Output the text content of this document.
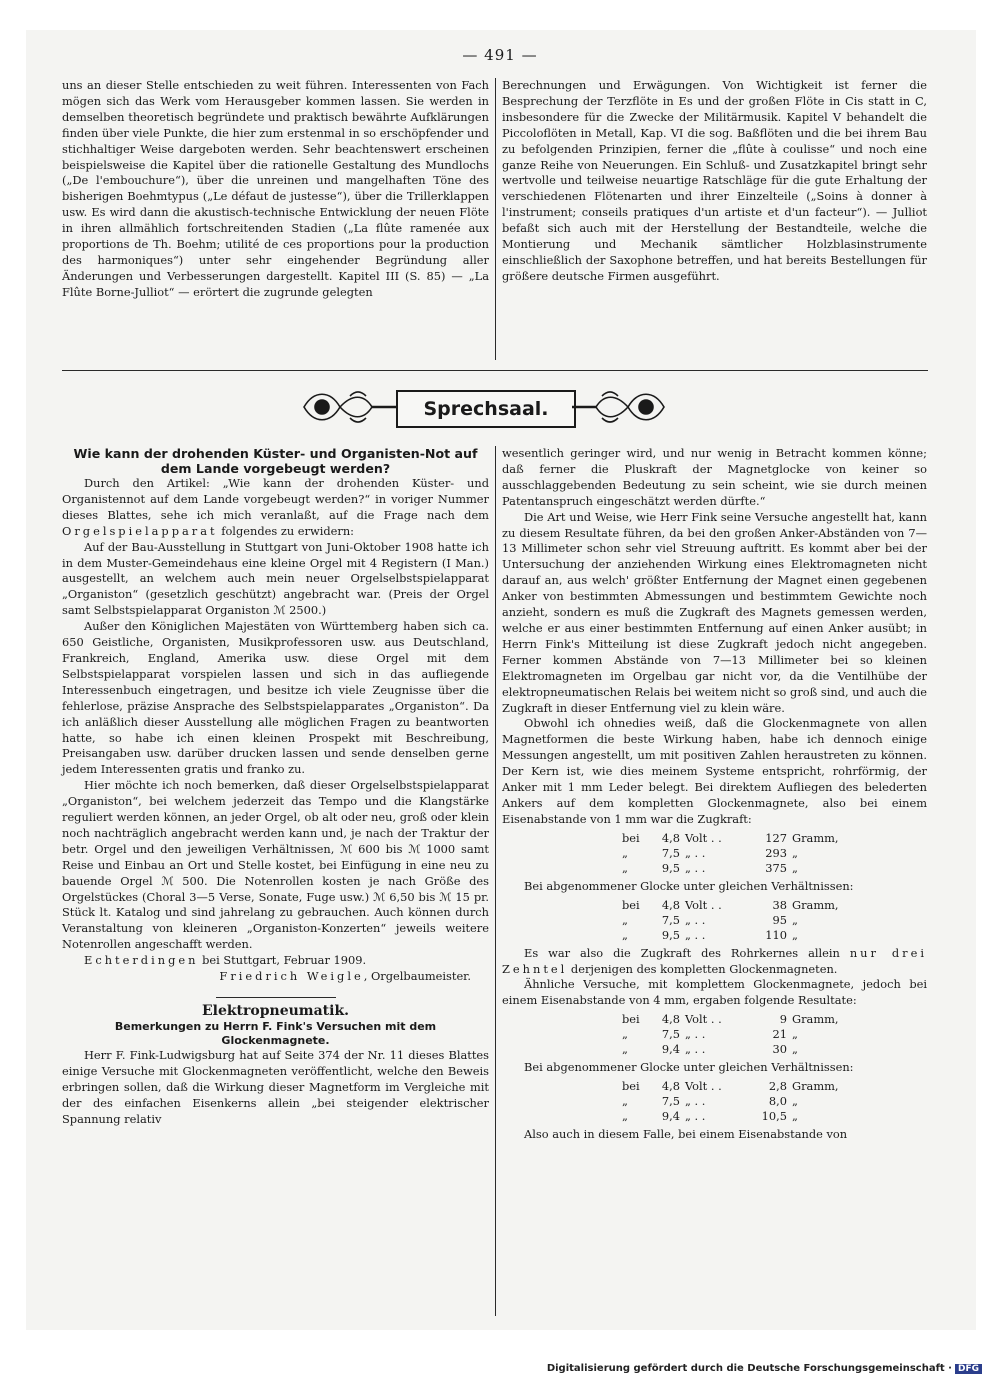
— 491 —

uns an dieser Stelle entschieden zu weit führen. Interessenten von Fach mögen sich das Werk vom Herausgeber kommen lassen. Sie werden in demselben theoretisch begründete und praktisch bewährte Aufklärungen finden über viele Punkte, die hier zum erstenmal in so erschöpfender und stichhaltiger Weise dargeboten werden. Sehr beachtenswert erscheinen beispielsweise die Kapitel über die rationelle Gestaltung des Mundlochs („De l'embouchure“), über die unreinen und mangelhaften Töne des bisherigen Boehmtypus („Le défaut de justesse“), über die Trillerklappen usw. Es wird dann die akustisch-technische Entwicklung der neuen Flöte in ihren allmählich fortschreitenden Stadien („La flûte ramenée aux proportions de Th. Boehm; utilité de ces proportions pour la production des harmoniques“) unter sehr eingehender Begründung aller Änderungen und Verbesserungen dargestellt. Kapitel III (S. 85) — „La Flûte Borne-Julliot“ — erörtert die zugrunde gelegten

Berechnungen und Erwägungen. Von Wichtigkeit ist ferner die Besprechung der Terzflöte in Es und der großen Flöte in Cis statt in C, insbesondere für die Zwecke der Militärmusik. Kapitel V behandelt die Piccoloflöten in Metall, Kap. VI die sog. Baßflöten und die bei ihrem Bau zu befolgenden Prinzipien, ferner die „flûte à coulisse“ und noch eine ganze Reihe von Neuerungen. Ein Schluß- und Zusatzkapitel bringt sehr wertvolle und teilweise neuartige Ratschläge für die gute Erhaltung der verschiedenen Flötenarten und ihrer Einzelteile („Soins à donner à l'instrument; conseils pratiques d'un artiste et d'un facteur“). — Julliot befaßt sich auch mit der Herstellung der Bestandteile, welche die Montierung und Mechanik sämtlicher Holzblasinstrumente einschließlich der Saxophone betreffen, und hat bereits Bestellungen für größere deutsche Firmen ausgeführt.

Sprechsaal.

Wie kann der drohenden Küster- und Organisten-Not auf dem Lande vorgebeugt werden?

Durch den Artikel: „Wie kann der drohenden Küster- und Organistennot auf dem Lande vorgebeugt werden?“ in voriger Nummer dieses Blattes, sehe ich mich veranlaßt, auf die Frage nach dem Orgelspielapparat folgendes zu erwidern:

Auf der Bau-Ausstellung in Stuttgart von Juni-Oktober 1908 hatte ich in dem Muster-Gemeindehaus eine kleine Orgel mit 4 Registern (I Man.) ausgestellt, an welchem auch mein neuer Orgelselbstspielapparat „Organiston“ (gesetzlich geschützt) angebracht war. (Preis der Orgel samt Selbstspielapparat Organiston ℳ 2500.)

Außer den Königlichen Majestäten von Württemberg haben sich ca. 650 Geistliche, Organisten, Musikprofessoren usw. aus Deutschland, Frankreich, England, Amerika usw. diese Orgel mit dem Selbstspielapparat vorspielen lassen und sich in das aufliegende Interessenbuch eingetragen, und besitze ich viele Zeugnisse über die fehlerlose, präzise Ansprache des Selbstspielapparates „Organiston“. Da ich anläßlich dieser Ausstellung alle möglichen Fragen zu beantworten hatte, so habe ich einen kleinen Prospekt mit Beschreibung, Preisangaben usw. darüber drucken lassen und sende denselben gerne jedem Interessenten gratis und franko zu.

Hier möchte ich noch bemerken, daß dieser Orgelselbstspielapparat „Organiston“, bei welchem jederzeit das Tempo und die Klangstärke reguliert werden können, an jeder Orgel, ob alt oder neu, groß oder klein noch nachträglich angebracht werden kann und, je nach der Traktur der betr. Orgel und den jeweiligen Verhältnissen, ℳ 600 bis ℳ 1000 samt Reise und Einbau an Ort und Stelle kostet, bei Einfügung in eine neu zu bauende Orgel ℳ 500. Die Notenrollen kosten je nach Größe des Orgelstückes (Choral 3—5 Verse, Sonate, Fuge usw.) ℳ 6,50 bis ℳ 15 pr. Stück lt. Katalog und sind jahrelang zu gebrauchen. Auch können durch Veranstaltung von kleineren „Organiston-Konzerten“ jeweils weitere Notenrollen angeschafft werden.

Echterdingen bei Stuttgart, Februar 1909.

Friedrich Weigle, Orgelbaumeister.

Elektropneumatik.

Bemerkungen zu Herrn F. Fink's Versuchen mit dem Glockenmagnete.

Herr F. Fink-Ludwigsburg hat auf Seite 374 der Nr. 11 dieses Blattes einige Versuche mit Glockenmagneten veröffentlicht, welche den Beweis erbringen sollen, daß die Wirkung dieser Magnetform im Vergleiche mit der des einfachen Eisenkerns allein „bei steigender elektrischer Spannung relativ

wesentlich geringer wird, und nur wenig in Betracht kommen könne; daß ferner die Pluskraft der Magnetglocke von keiner so ausschlaggebenden Bedeutung zu sein scheint, wie sie durch meinen Patentanspruch eingeschätzt werden dürfte.“

Die Art und Weise, wie Herr Fink seine Versuche angestellt hat, kann zu diesem Resultate führen, da bei den großen Anker-Abständen von 7—13 Millimeter schon sehr viel Streuung auftritt. Es kommt aber bei der Untersuchung der anziehenden Wirkung eines Elektromagneten nicht darauf an, aus welch' größter Entfernung der Magnet einen gegebenen Anker von bestimmten Abmessungen und bestimmtem Gewichte noch anzieht, sondern es muß die Zugkraft des Magnets gemessen werden, welche er aus einer bestimmten Entfernung auf einen Anker ausübt; in Herrn Fink's Mitteilung ist diese Zugkraft jedoch nicht angegeben. Ferner kommen Abstände von 7—13 Millimeter bei so kleinen Elektromagneten im Orgelbau gar nicht vor, da die Ventilhübe der elektropneumatischen Relais bei weitem nicht so groß sind, und auch die Zugkraft in dieser Entfernung viel zu klein wäre.

Obwohl ich ohnedies weiß, daß die Glockenmagnete von allen Magnetformen die beste Wirkung haben, habe ich dennoch einige Messungen angestellt, um mit positiven Zahlen heraustreten zu können. Der Kern ist, wie dies meinem Systeme entspricht, rohrförmig, der Anker mit 1 mm Leder belegt. Bei direktem Aufliegen des belederten Ankers auf dem kompletten Glockenmagnete, also bei einem Eisenabstande von 1 mm war die Zugkraft:

bei	4,8	Volt . .	127	Gramm,
„	7,5	„ . .	293	„
„	9,5	„ . .	375	„

Bei abgenommener Glocke unter gleichen Verhältnissen:

bei	4,8	Volt . .	38	Gramm,
„	7,5	„ . .	95	„
„	9,5	„ . .	110	„

Es war also die Zugkraft des Rohrkernes allein nur drei Zehntel derjenigen des kompletten Glockenmagneten.

Ähnliche Versuche, mit komplettem Glockenmagnete, jedoch bei einem Eisenabstande von 4 mm, ergaben folgende Resultate:

bei	4,8	Volt . .	9	Gramm,
„	7,5	„ . .	21	„
„	9,4	„ . .	30	„

Bei abgenommener Glocke unter gleichen Verhältnissen:

bei	4,8	Volt . .	2,8	Gramm,
„	7,5	„ . .	8,0	„
„	9,4	„ . .	10,5	„

Also auch in diesem Falle, bei einem Eisenabstande von

Digitalisierung gefördert durch die Deutsche Forschungsgemeinschaft · DFG
